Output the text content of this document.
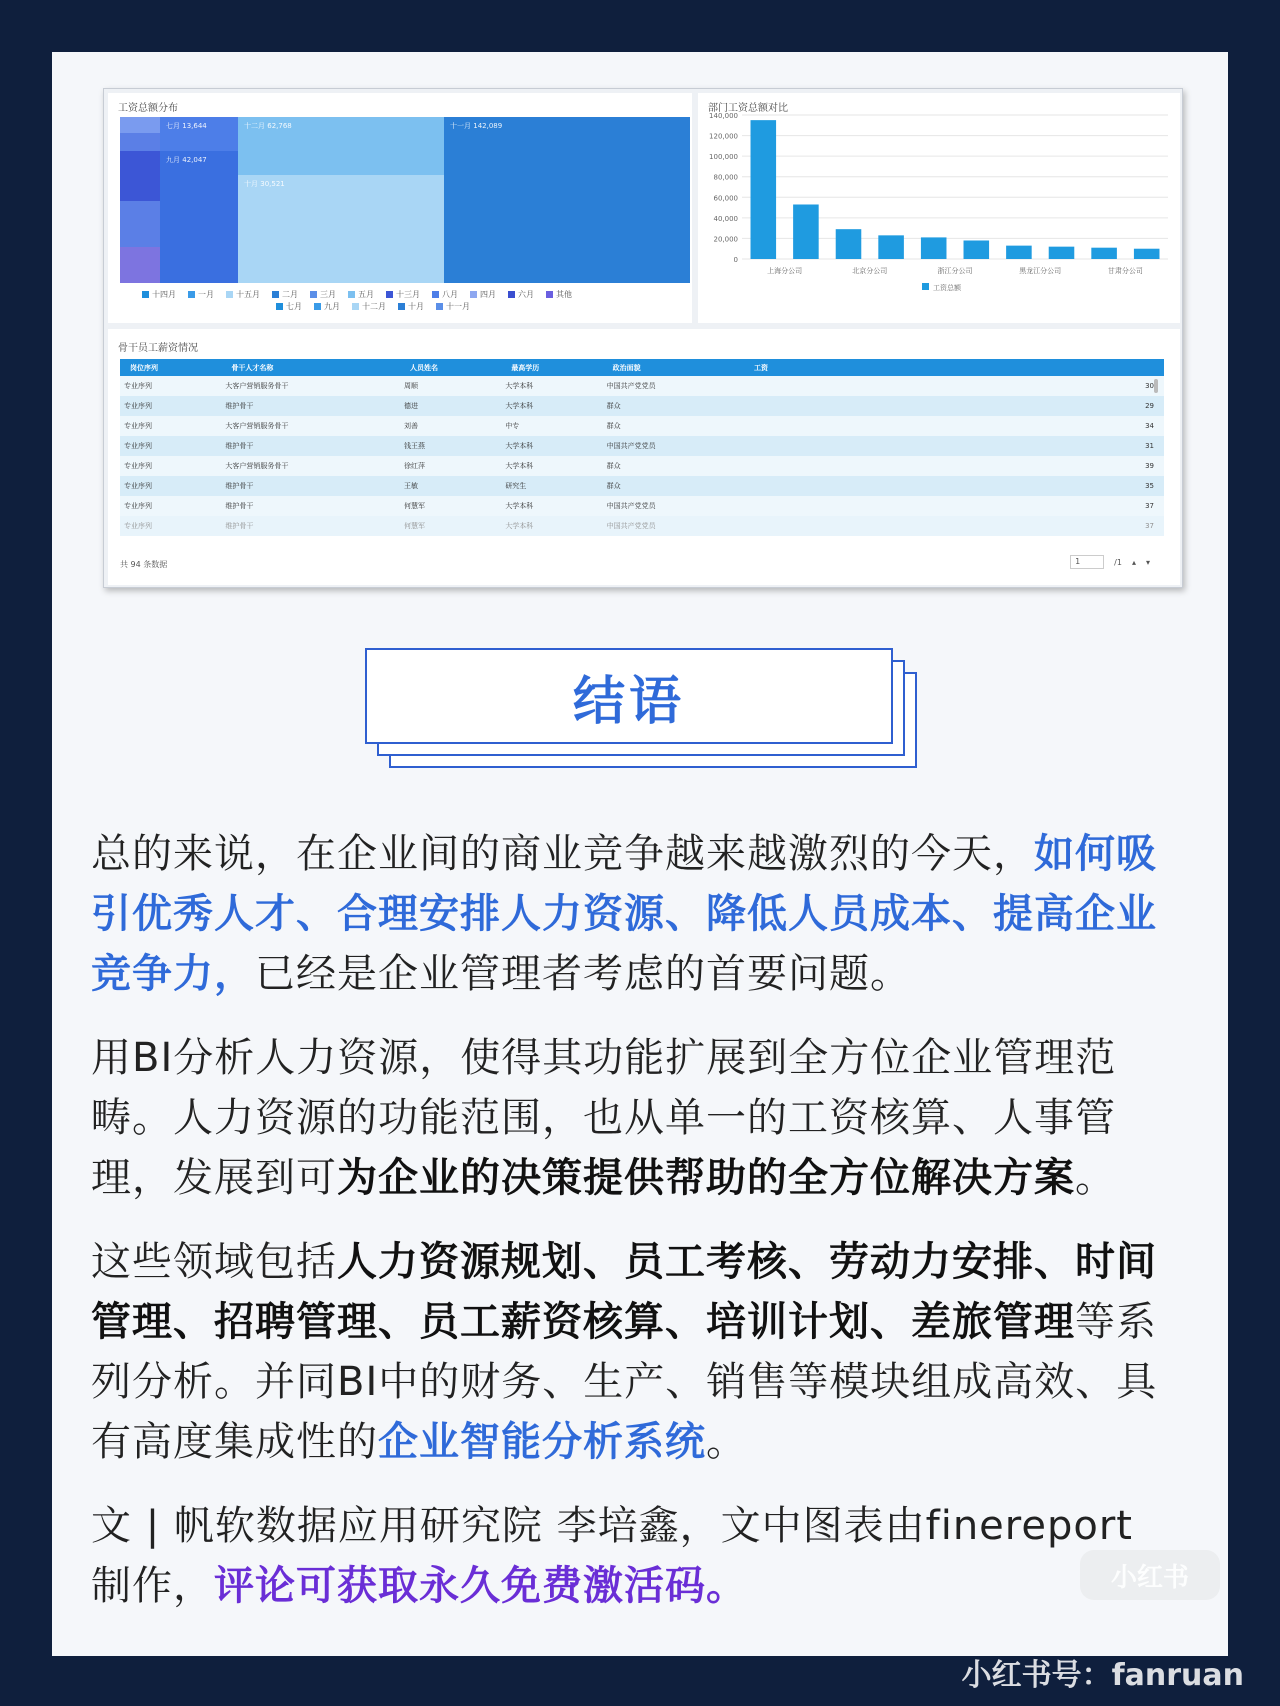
工资总额分布
七月 13,644
九月 42,047
十二月 62,768
十月 30,521
十一月 142,089
十四月	一月	十五月	二月	三月	五月	十三月	八月	四月	六月	其他
七月	九月	十二月	十月	十一月
部门工资总额对比
0
20,000
40,000
60,000
80,000
100,000
120,000
140,000
上海分公司	北京分公司	浙江分公司	黑龙江分公司	甘肃分公司
工资总额
骨干员工薪资情况
岗位序列	骨干人才名称	人员姓名	最高学历	政治面貌	工资
专业序列	大客户营销服务骨干	周顺	大学本科	中国共产党党员	30
专业序列	维护骨干	德进	大学本科	群众	29
专业序列	大客户营销服务骨干	刘善	中专	群众	34
专业序列	维护骨干	钱王燕	大学本科	中国共产党党员	31
专业序列	大客户营销服务骨干	徐红萍	大学本科	群众	39
专业序列	维护骨干	王敏	研究生	群众	35
专业序列	维护骨干	何慧军	大学本科	中国共产党党员	37
专业序列	维护骨干	何慧军	大学本科	中国共产党党员	37
共 94 条数据	1	/1 ▴ ▾
结语
总的来说，在企业间的商业竞争越来越激烈的今天，如何吸引优秀人才、合理安排人力资源、降低人员成本、提高企业竞争力，已经是企业管理者考虑的首要问题。
用BI分析人力资源，使得其功能扩展到全方位企业管理范畴。人力资源的功能范围，也从单一的工资核算、人事管理，发展到可为企业的决策提供帮助的全方位解决方案。
这些领域包括人力资源规划、员工考核、劳动力安排、时间管理、招聘管理、员工薪资核算、培训计划、差旅管理等系列分析。并同BI中的财务、生产、销售等模块组成高效、具有高度集成性的企业智能分析系统。
文 | 帆软数据应用研究院 李培鑫，文中图表由finereport制作，评论可获取永久免费激活码。	小红书
小红书号：fanruan
